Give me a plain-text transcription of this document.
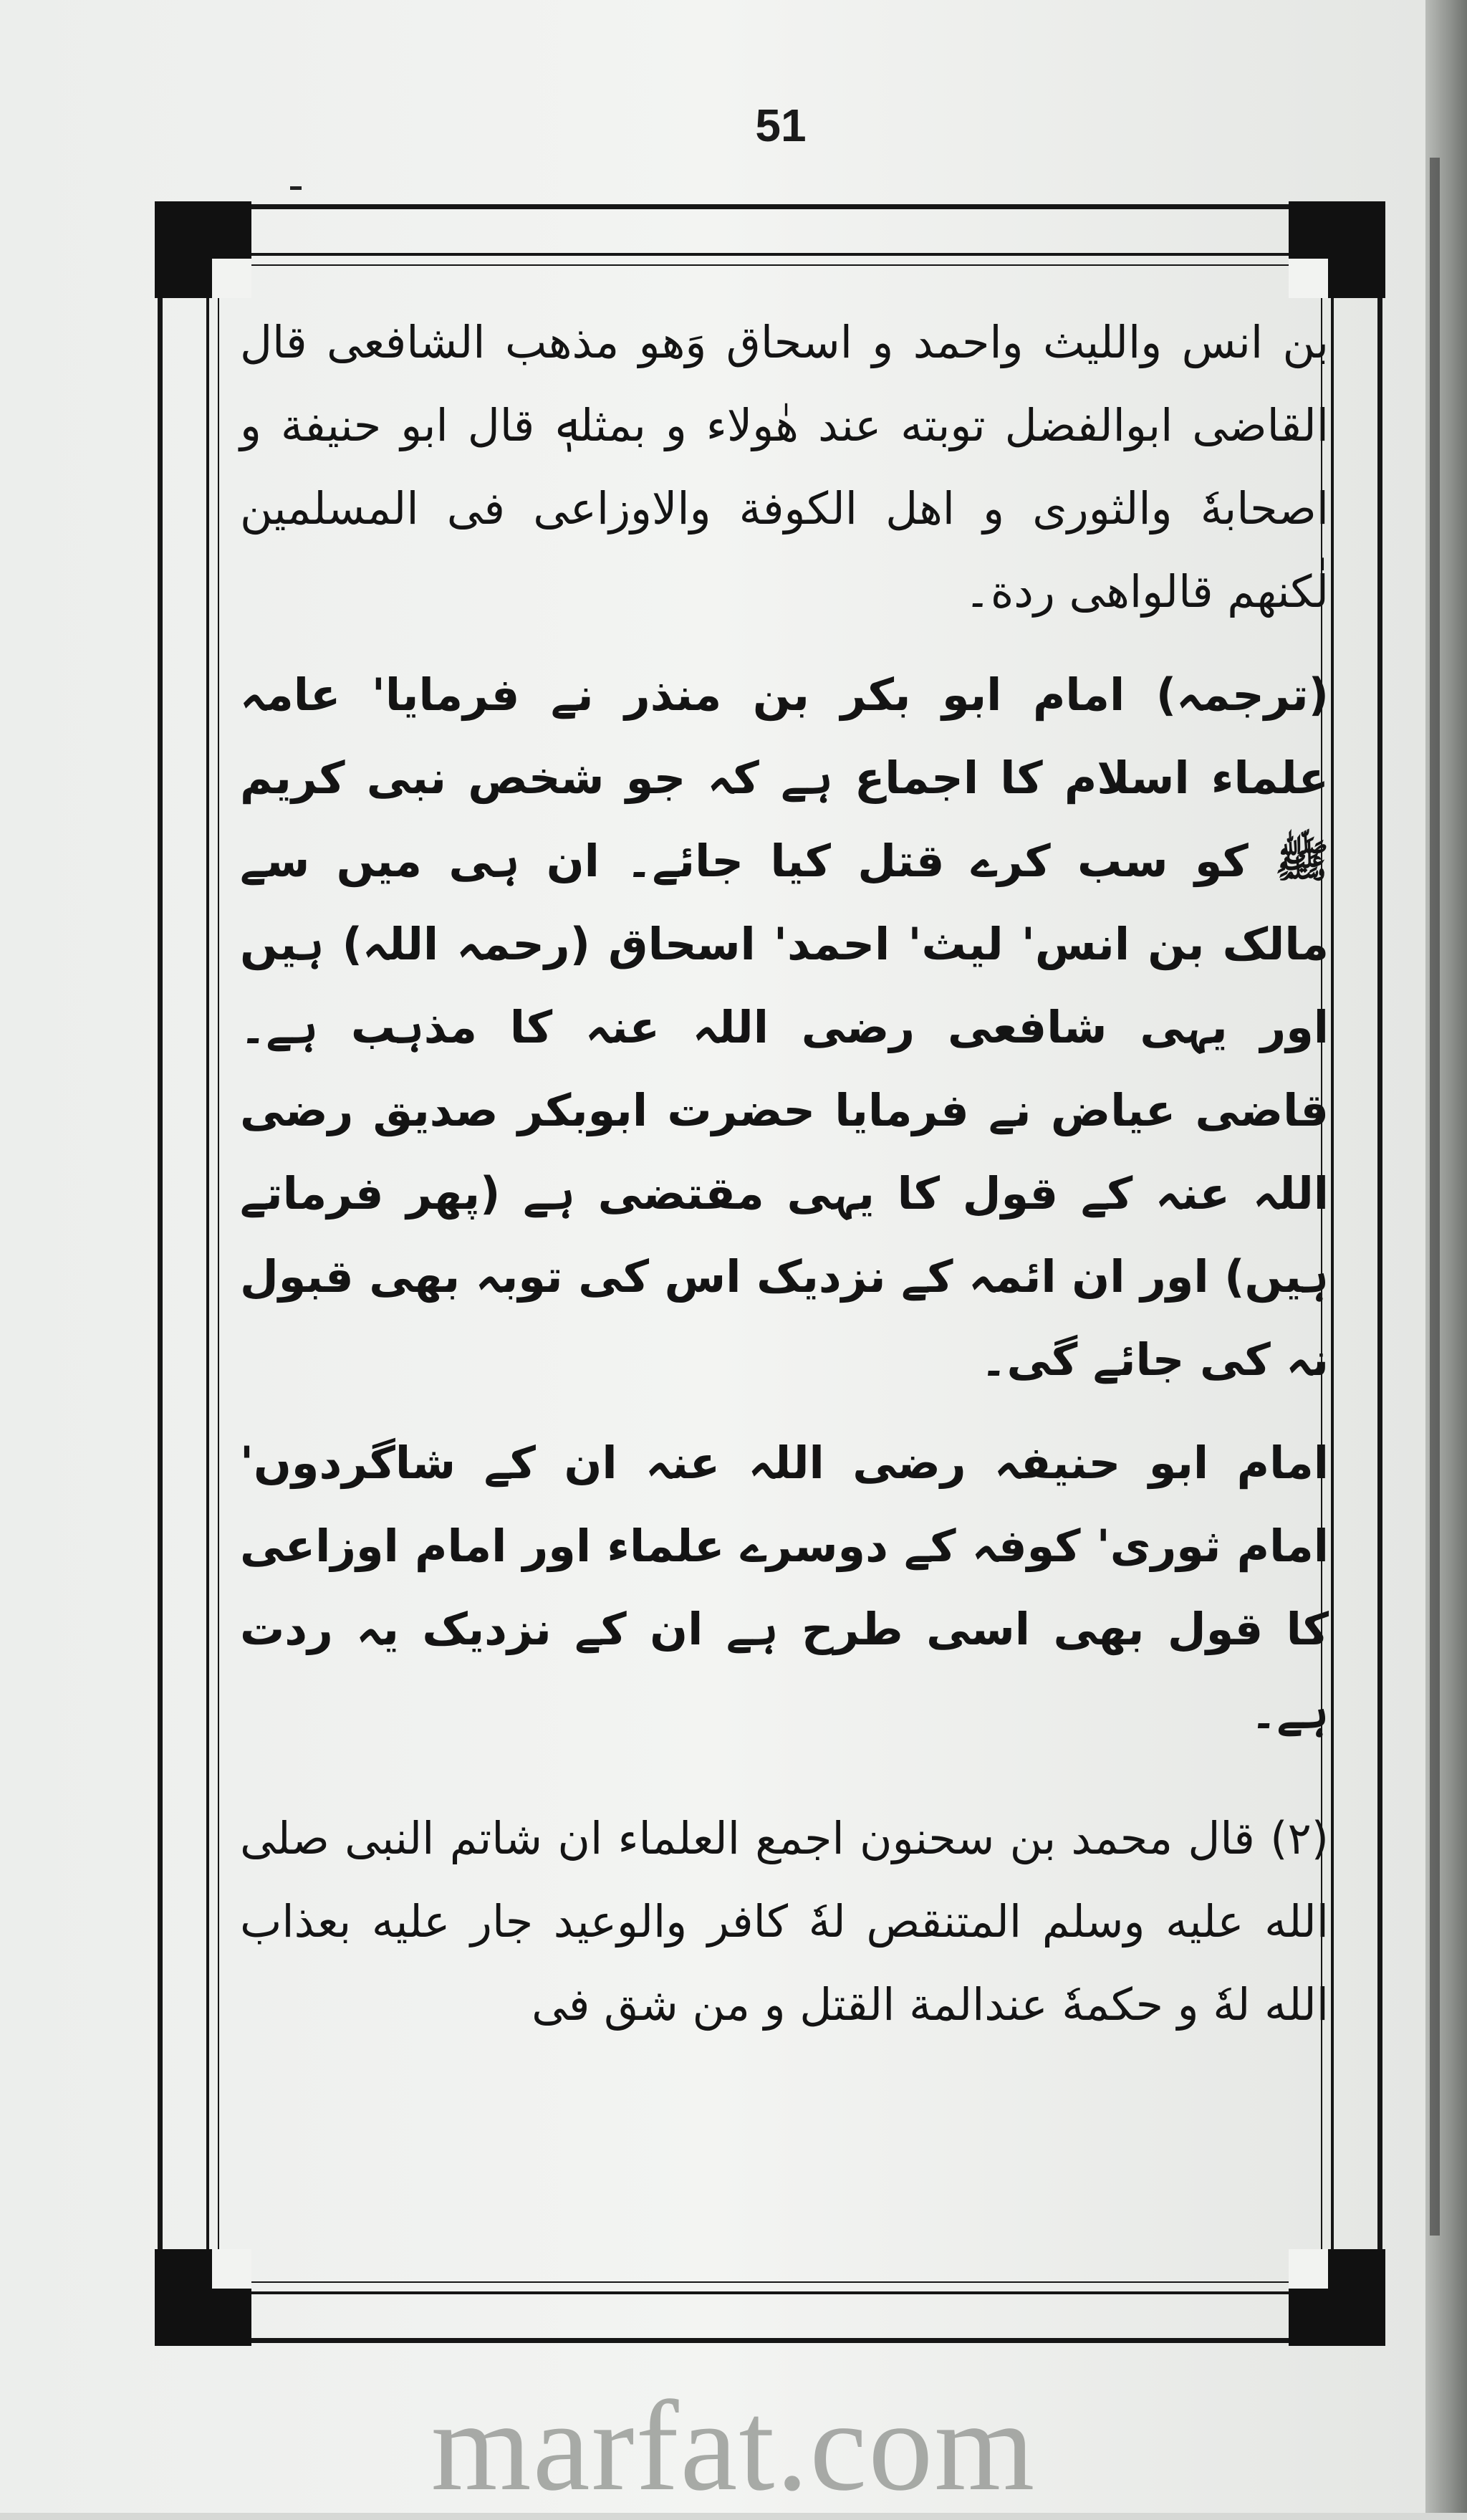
51

بن انس والليث واحمد و اسحاق وَهو مذهب الشافعى قال القاضى ابوالفضل توبته عند هٰولاء و بمثلهٖ قال ابو حنيفة و اصحابهٗ والثورى و اهل الكوفة والاوزاعى فى المسلمين لٰكنهم قالواهى ردة۔

(ترجمہ) امام ابو بکر بن منذر نے فرمایا' عامہ علماء اسلام کا اجماع ہے کہ جو شخص نبی کریم ﷺ کو سب کرے قتل کیا جائے۔ ان ہی میں سے مالک بن انس' لیث' احمد' اسحاق (رحمہ اللہ) ہیں اور یہی شافعی رضی اللہ عنہ کا مذہب ہے۔ قاضی عیاض نے فرمایا حضرت ابوبکر صدیق رضی اللہ عنہ کے قول کا یہی مقتضی ہے (پھر فرماتے ہیں) اور ان ائمہ کے نزدیک اس کی توبہ بھی قبول نہ کی جائے گی۔

امام ابو حنیفہ رضی اللہ عنہ ان کے شاگردوں' امام ثوری' کوفہ کے دوسرے علماء اور امام اوزاعی کا قول بھی اسی طرح ہے ان کے نزدیک یہ ردت ہے۔

(۲) قال محمد بن سحنون اجمع العلماء ان شاتم النبى صلى الله عليه وسلم المتنقص لهٗ كافر والوعيد جار عليه بعذاب الله لهٗ و حكمهٗ عندالمة القتل و من شق فى

marfat.com
